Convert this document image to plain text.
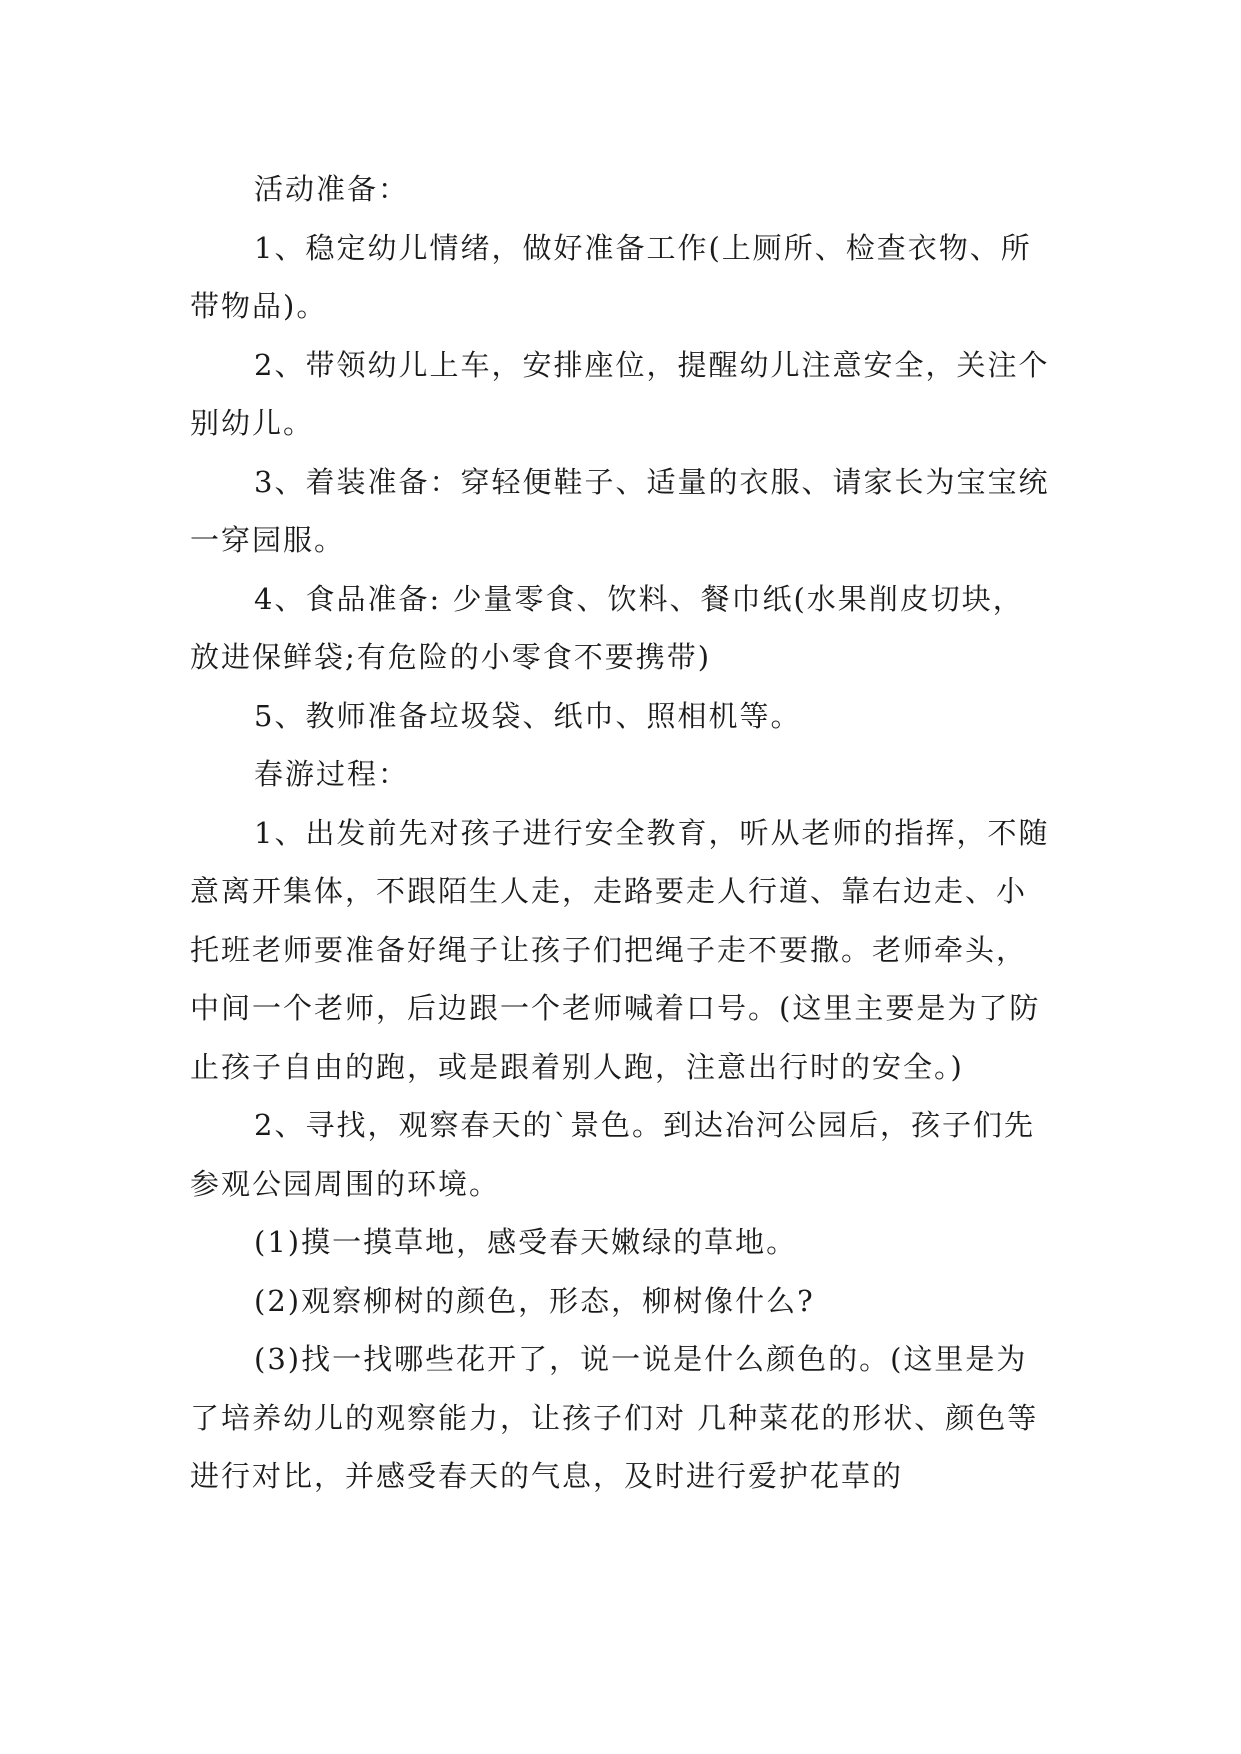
活动准备：

1、稳定幼儿情绪，做好准备工作(上厕所、检查衣物、所带物品)。

2、带领幼儿上车，安排座位，提醒幼儿注意安全，关注个别幼儿。

3、着装准备：穿轻便鞋子、适量的衣服、请家长为宝宝统一穿园服。

4、食品准备: 少量零食、饮料、餐巾纸(水果削皮切块，放进保鲜袋;有危险的小零食不要携带)

5、教师准备垃圾袋、纸巾、照相机等。

春游过程：

1、出发前先对孩子进行安全教育，听从老师的指挥，不随意离开集体，不跟陌生人走，走路要走人行道、靠右边走、小托班老师要准备好绳子让孩子们把绳子走不要撒。老师牵头，中间一个老师，后边跟一个老师喊着口号。(这里主要是为了防止孩子自由的跑，或是跟着别人跑，注意出行时的安全。)

2、寻找，观察春天的`景色。到达冶河公园后，孩子们先参观公园周围的环境。

(1)摸一摸草地，感受春天嫩绿的草地。

(2)观察柳树的颜色，形态，柳树像什么?

(3)找一找哪些花开了，说一说是什么颜色的。(这里是为了培养幼儿的观察能力，让孩子们对 几种菜花的形状、颜色等进行对比，并感受春天的气息，及时进行爱护花草的
